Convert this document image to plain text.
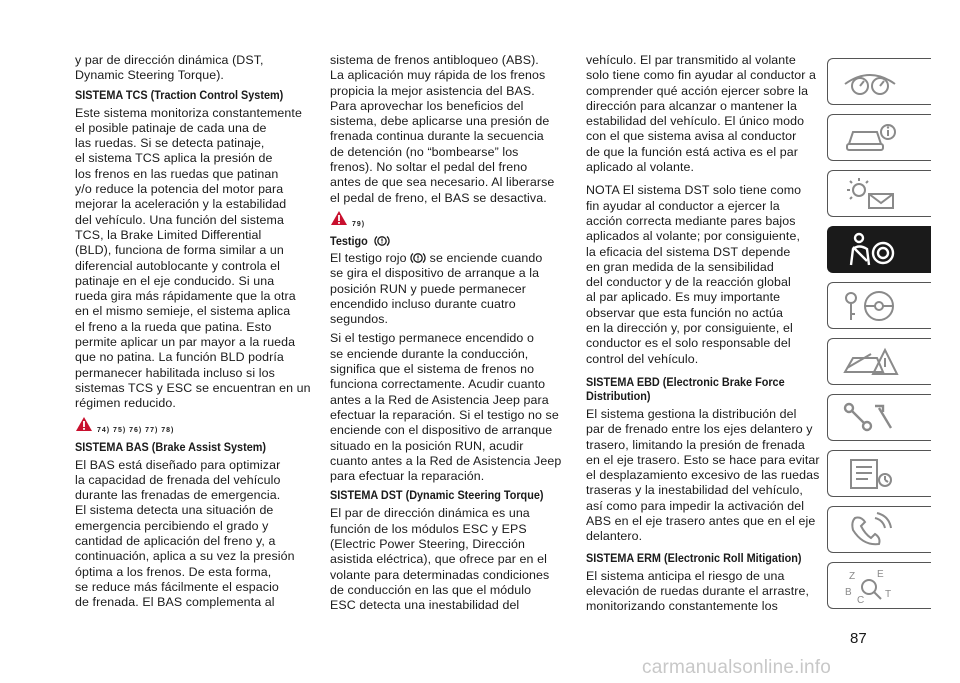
y par de dirección dinámica (DST,
Dynamic Steering Torque).

SISTEMA TCS (Traction Control System)

Este sistema monitoriza constantemente
el posible patinaje de cada una de
las ruedas. Si se detecta patinaje,
el sistema TCS aplica la presión de
los frenos en las ruedas que patinan
y/o reduce la potencia del motor para
mejorar la aceleración y la estabilidad
del vehículo. Una función del sistema
TCS, la Brake Limited Differential
(BLD), funciona de forma similar a un
diferencial autoblocante y controla el
patinaje en el eje conducido. Si una
rueda gira más rápidamente que la otra
en el mismo semieje, el sistema aplica
el freno a la rueda que patina. Esto
permite aplicar un par mayor a la rueda
que no patina. La función BLD podría
permanecer habilitada incluso si los
sistemas TCS y ESC se encuentran en un
régimen reducido.

74) 75) 76) 77) 78)
SISTEMA BAS (Brake Assist System)

El BAS está diseñado para optimizar
la capacidad de frenada del vehículo
durante las frenadas de emergencia.
El sistema detecta una situación de
emergencia percibiendo el grado y
cantidad de aplicación del freno y, a
continuación, aplica a su vez la presión
óptima a los frenos. De esta forma,
se reduce más fácilmente el espacio
de frenada. El BAS complementa al

sistema de frenos antibloqueo (ABS).
La aplicación muy rápida de los frenos
propicia la mejor asistencia del BAS.
Para aprovechar los beneficios del
sistema, debe aplicarse una presión de
frenada continua durante la secuencia
de detención (no “bombearse” los
frenos). No soltar el pedal del freno
antes de que sea necesario. Al liberarse
el pedal de freno, el BAS se desactiva.

79)
Testigo

El testigo rojo  se enciende cuando
se gira el dispositivo de arranque a la
posición RUN y puede permanecer
encendido incluso durante cuatro
segundos.

Si el testigo permanece encendido o
se enciende durante la conducción,
significa que el sistema de frenos no
funciona correctamente. Acudir cuanto
antes a la Red de Asistencia Jeep para
efectuar la reparación. Si el testigo no se
enciende con el dispositivo de arranque
situado en la posición RUN, acudir
cuanto antes a la Red de Asistencia Jeep
para efectuar la reparación.

SISTEMA DST (Dynamic Steering Torque)

El par de dirección dinámica es una
función de los módulos ESC y EPS
(Electric Power Steering, Dirección
asistida eléctrica), que ofrece par en el
volante para determinadas condiciones
de conducción en las que el módulo
ESC detecta una inestabilidad del

vehículo. El par transmitido al volante
solo tiene como fin ayudar al conductor a
comprender qué acción ejercer sobre la
dirección para alcanzar o mantener la
estabilidad del vehículo. El único modo
con el que sistema avisa al conductor
de que la función está activa es el par
aplicado al volante.

NOTA El sistema DST solo tiene como
fin ayudar al conductor a ejercer la
acción correcta mediante pares bajos
aplicados al volante; por consiguiente,
la eficacia del sistema DST depende
en gran medida de la sensibilidad
del conductor y de la reacción global
al par aplicado. Es muy importante
observar que esta función no actúa
en la dirección y, por consiguiente, el
conductor es el solo responsable del
control del vehículo.

SISTEMA EBD (Electronic Brake Force
Distribution)

El sistema gestiona la distribución del
par de frenado entre los ejes delantero y
trasero, limitando la presión de frenada
en el eje trasero. Esto se hace para evitar
el desplazamiento excesivo de las ruedas
traseras y la inestabilidad del vehículo,
así como para impedir la activación del
ABS en el eje trasero antes que en el eje
delantero.

SISTEMA ERM (Electronic Roll Mitigation)

El sistema anticipa el riesgo de una
elevación de ruedas durante el arrastre,
monitorizando constantemente los

Z E
B
C
T
87
carmanualsonline.info
